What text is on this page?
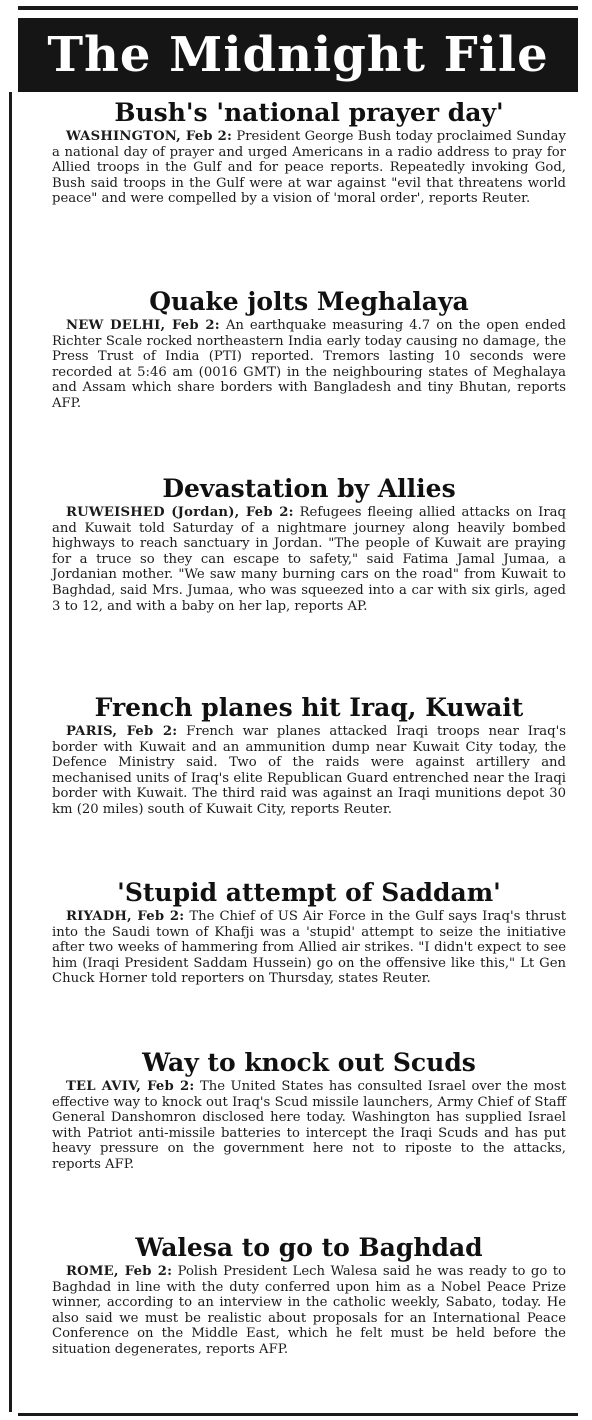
The Midnight File
Bush's 'national prayer day'

WASHINGTON, Feb 2: President George Bush today proclaimed Sunday a national day of prayer and urged Americans in a radio address to pray for Allied troops in the Gulf and for peace reports. Repeatedly invoking God, Bush said troops in the Gulf were at war against "evil that threatens world peace" and were compelled by a vision of 'moral order', reports Reuter.

Quake jolts Meghalaya

NEW DELHI, Feb 2: An earthquake measuring 4.7 on the open ended Richter Scale rocked northeastern India early today causing no damage, the Press Trust of India (PTI) reported. Tremors lasting 10 seconds were recorded at 5:46 am (0016 GMT) in the neighbouring states of Meghalaya and Assam which share borders with Bangladesh and tiny Bhutan, reports AFP.

Devastation by Allies

RUWEISHED (Jordan), Feb 2: Refugees fleeing allied attacks on Iraq and Kuwait told Saturday of a nightmare journey along heavily bombed highways to reach sanctuary in Jordan. "The people of Kuwait are praying for a truce so they can escape to safety," said Fatima Jamal Jumaa, a Jordanian mother. "We saw many burning cars on the road" from Kuwait to Baghdad, said Mrs. Jumaa, who was squeezed into a car with six girls, aged 3 to 12, and with a baby on her lap, reports AP.

French planes hit Iraq, Kuwait

PARIS, Feb 2: French war planes attacked Iraqi troops near Iraq's border with Kuwait and an ammunition dump near Kuwait City today, the Defence Ministry said. Two of the raids were against artillery and mechanised units of Iraq's elite Republican Guard entrenched near the Iraqi border with Kuwait. The third raid was against an Iraqi munitions depot 30 km (20 miles) south of Kuwait City, reports Reuter.

'Stupid attempt of Saddam'

RIYADH, Feb 2: The Chief of US Air Force in the Gulf says Iraq's thrust into the Saudi town of Khafji was a 'stupid' attempt to seize the initiative after two weeks of hammering from Allied air strikes. "I didn't expect to see him (Iraqi President Saddam Hussein) go on the offensive like this," Lt Gen Chuck Horner told reporters on Thursday, states Reuter.

Way to knock out Scuds

TEL AVIV, Feb 2: The United States has consulted Israel over the most effective way to knock out Iraq's Scud missile launchers, Army Chief of Staff General Danshomron disclosed here today. Washington has supplied Israel with Patriot anti-missile batteries to intercept the Iraqi Scuds and has put heavy pressure on the government here not to riposte to the attacks, reports AFP.

Walesa to go to Baghdad

ROME, Feb 2: Polish President Lech Walesa said he was ready to go to Baghdad in line with the duty conferred upon him as a Nobel Peace Prize winner, according to an interview in the catholic weekly, Sabato, today. He also said we must be realistic about proposals for an International Peace Conference on the Middle East, which he felt must be held before the situation degenerates, reports AFP.
